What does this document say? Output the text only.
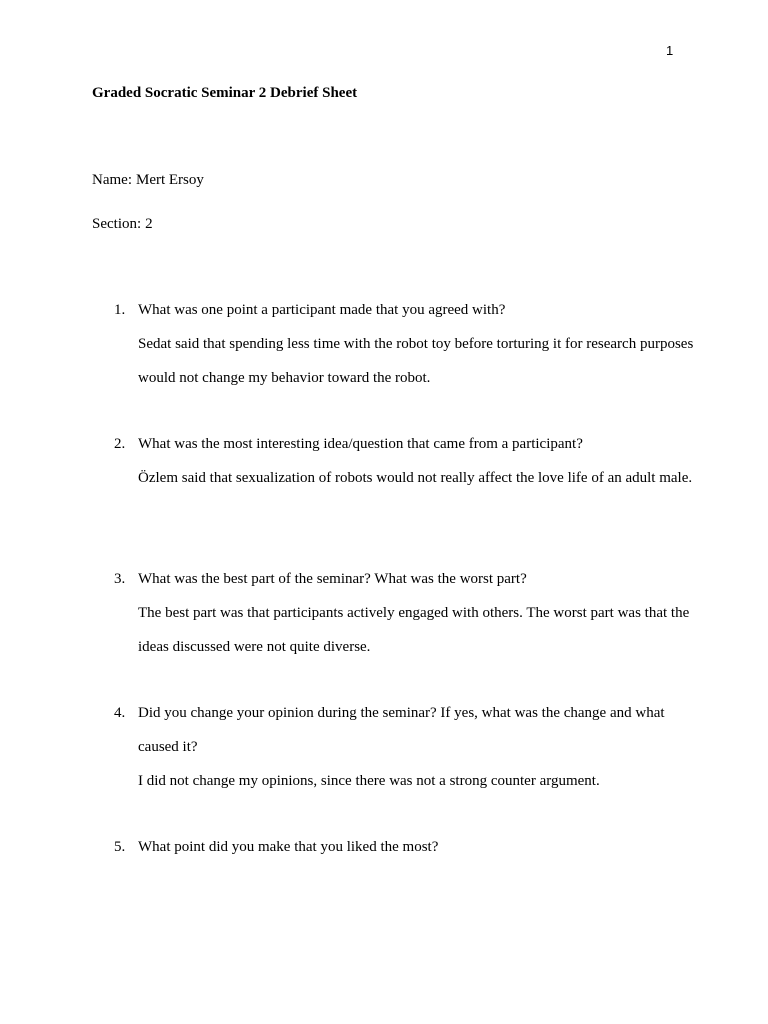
1
Graded Socratic Seminar 2 Debrief Sheet
Name: Mert Ersoy
Section: 2
1. What was one point a participant made that you agreed with?
Sedat said that spending less time with the robot toy before torturing it for research purposes would not change my behavior toward the robot.
2. What was the most interesting idea/question that came from a participant?
Özlem said that sexualization of robots would not really affect the love life of an adult male.
3. What was the best part of the seminar? What was the worst part?
The best part was that participants actively engaged with others. The worst part was that the ideas discussed were not quite diverse.
4. Did you change your opinion during the seminar? If yes, what was the change and what caused it?
I did not change my opinions, since there was not a strong counter argument.
5. What point did you make that you liked the most?
